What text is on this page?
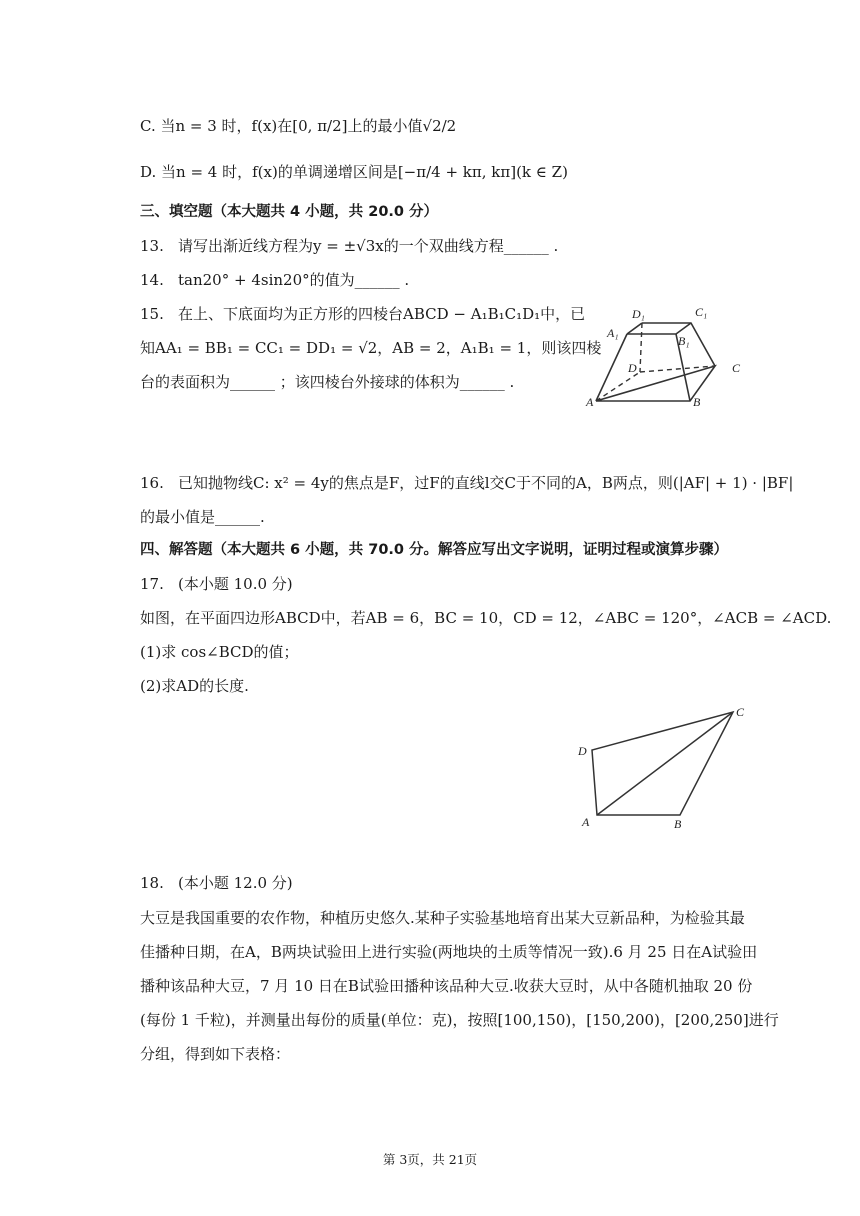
C. 当n = 3 时，f(x)在[0, π/2]上的最小值√2/2
D. 当n = 4 时，f(x)的单调递增区间是[−π/4 + kπ, kπ](k ∈ Z)
三、填空题（本大题共 4 小题，共 20.0 分）
13. 请写出渐近线方程为y = ±√3x的一个双曲线方程______ .
14. tan20° + 4sin20°的值为______ .
15. 在上、下底面均为正方形的四棱台ABCD − A₁B₁C₁D₁中，已
知AA₁ = BB₁ = CC₁ = DD₁ = √2，AB = 2，A₁B₁ = 1，则该四棱
台的表面积为______ ；该四棱台外接球的体积为______ .
A	B
C
D
A₁
B₁
C₁
D₁
16. 已知抛物线C: x² = 4y的焦点是F，过F的直线l交C于不同的A，B两点，则(|AF| + 1) · |BF|
的最小值是______.
四、解答题（本大题共 6 小题，共 70.0 分。解答应写出文字说明，证明过程或演算步骤）
17. (本小题 10.0 分)
如图，在平面四边形ABCD中，若AB = 6，BC = 10，CD = 12，∠ABC = 120°，∠ACB = ∠ACD.
(1)求 cos∠BCD的值；
(2)求AD的长度.
A	B
C
D
18. (本小题 12.0 分)
大豆是我国重要的农作物，种植历史悠久.某种子实验基地培育出某大豆新品种，为检验其最
佳播种日期，在A，B两块试验田上进行实验(两地块的土质等情况一致).6 月 25 日在A试验田
播种该品种大豆，7 月 10 日在B试验田播种该品种大豆.收获大豆时，从中各随机抽取 20 份
(每份 1 千粒)，并测量出每份的质量(单位：克)，按照[100,150)，[150,200)，[200,250]进行
分组，得到如下表格：
第 3页，共 21页
